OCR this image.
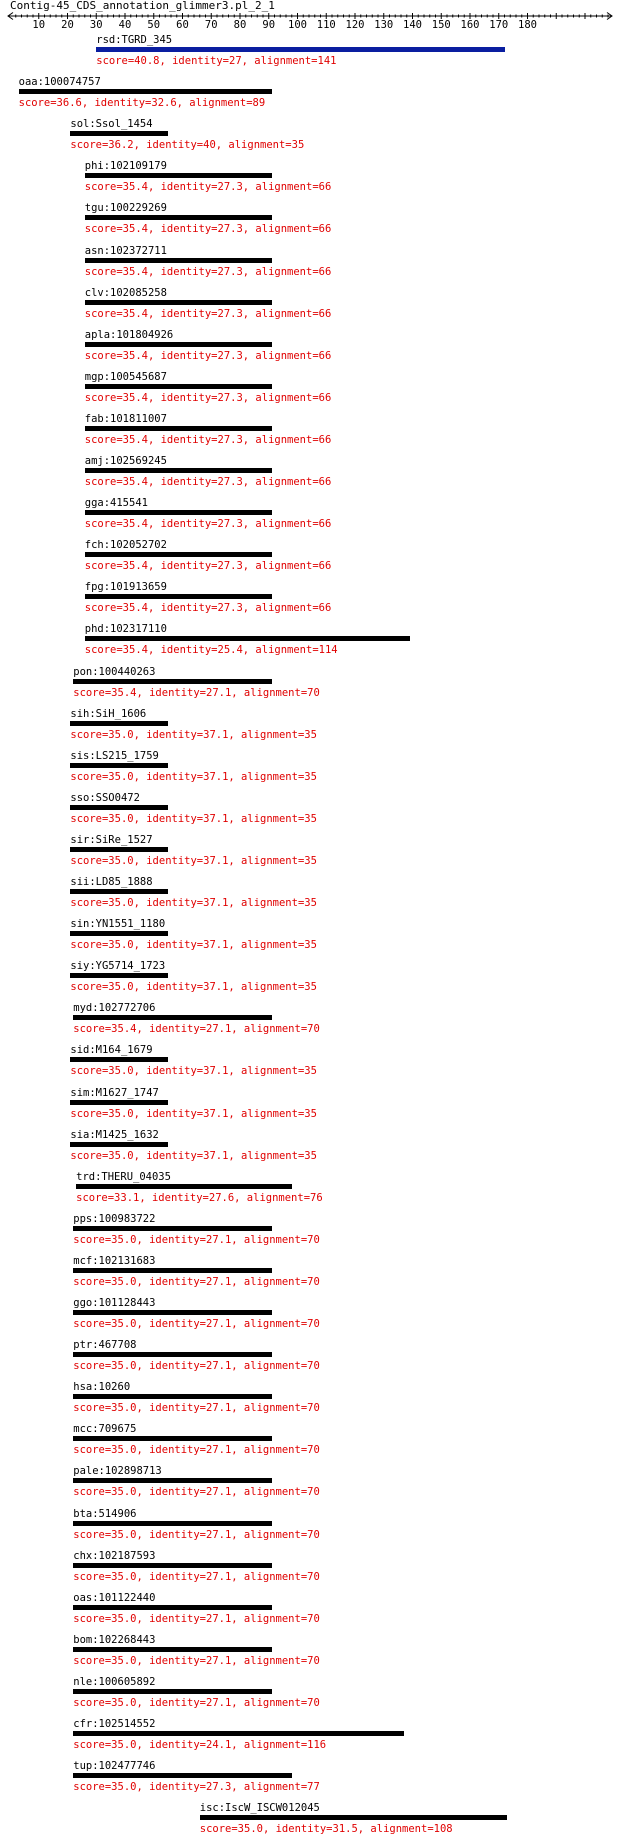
Contig-45_CDS_annotation_glimmer3.pl_2_1
10 20 30 40 50 60 70 80 90 100 110 120 130 140 150 160 170 180
rsd:TGRD_345
score=40.8, identity=27, alignment=141
oaa:100074757
score=36.6, identity=32.6, alignment=89
sol:Ssol_1454
score=36.2, identity=40, alignment=35
phi:102109179
score=35.4, identity=27.3, alignment=66
tgu:100229269
score=35.4, identity=27.3, alignment=66
asn:102372711
score=35.4, identity=27.3, alignment=66
clv:102085258
score=35.4, identity=27.3, alignment=66
apla:101804926
score=35.4, identity=27.3, alignment=66
mgp:100545687
score=35.4, identity=27.3, alignment=66
fab:101811007
score=35.4, identity=27.3, alignment=66
amj:102569245
score=35.4, identity=27.3, alignment=66
gga:415541
score=35.4, identity=27.3, alignment=66
fch:102052702
score=35.4, identity=27.3, alignment=66
fpg:101913659
score=35.4, identity=27.3, alignment=66
phd:102317110
score=35.4, identity=25.4, alignment=114
pon:100440263
score=35.4, identity=27.1, alignment=70
sih:SiH_1606
score=35.0, identity=37.1, alignment=35
sis:LS215_1759
score=35.0, identity=37.1, alignment=35
sso:SSO0472
score=35.0, identity=37.1, alignment=35
sir:SiRe_1527
score=35.0, identity=37.1, alignment=35
sii:LD85_1888
score=35.0, identity=37.1, alignment=35
sin:YN1551_1180
score=35.0, identity=37.1, alignment=35
siy:YG5714_1723
score=35.0, identity=37.1, alignment=35
myd:102772706
score=35.4, identity=27.1, alignment=70
sid:M164_1679
score=35.0, identity=37.1, alignment=35
sim:M1627_1747
score=35.0, identity=37.1, alignment=35
sia:M1425_1632
score=35.0, identity=37.1, alignment=35
trd:THERU_04035
score=33.1, identity=27.6, alignment=76
pps:100983722
score=35.0, identity=27.1, alignment=70
mcf:102131683
score=35.0, identity=27.1, alignment=70
ggo:101128443
score=35.0, identity=27.1, alignment=70
ptr:467708
score=35.0, identity=27.1, alignment=70
hsa:10260
score=35.0, identity=27.1, alignment=70
mcc:709675
score=35.0, identity=27.1, alignment=70
pale:102898713
score=35.0, identity=27.1, alignment=70
bta:514906
score=35.0, identity=27.1, alignment=70
chx:102187593
score=35.0, identity=27.1, alignment=70
oas:101122440
score=35.0, identity=27.1, alignment=70
bom:102268443
score=35.0, identity=27.1, alignment=70
nle:100605892
score=35.0, identity=27.1, alignment=70
cfr:102514552
score=35.0, identity=24.1, alignment=116
tup:102477746
score=35.0, identity=27.3, alignment=77
isc:IscW_ISCW012045
score=35.0, identity=31.5, alignment=108
